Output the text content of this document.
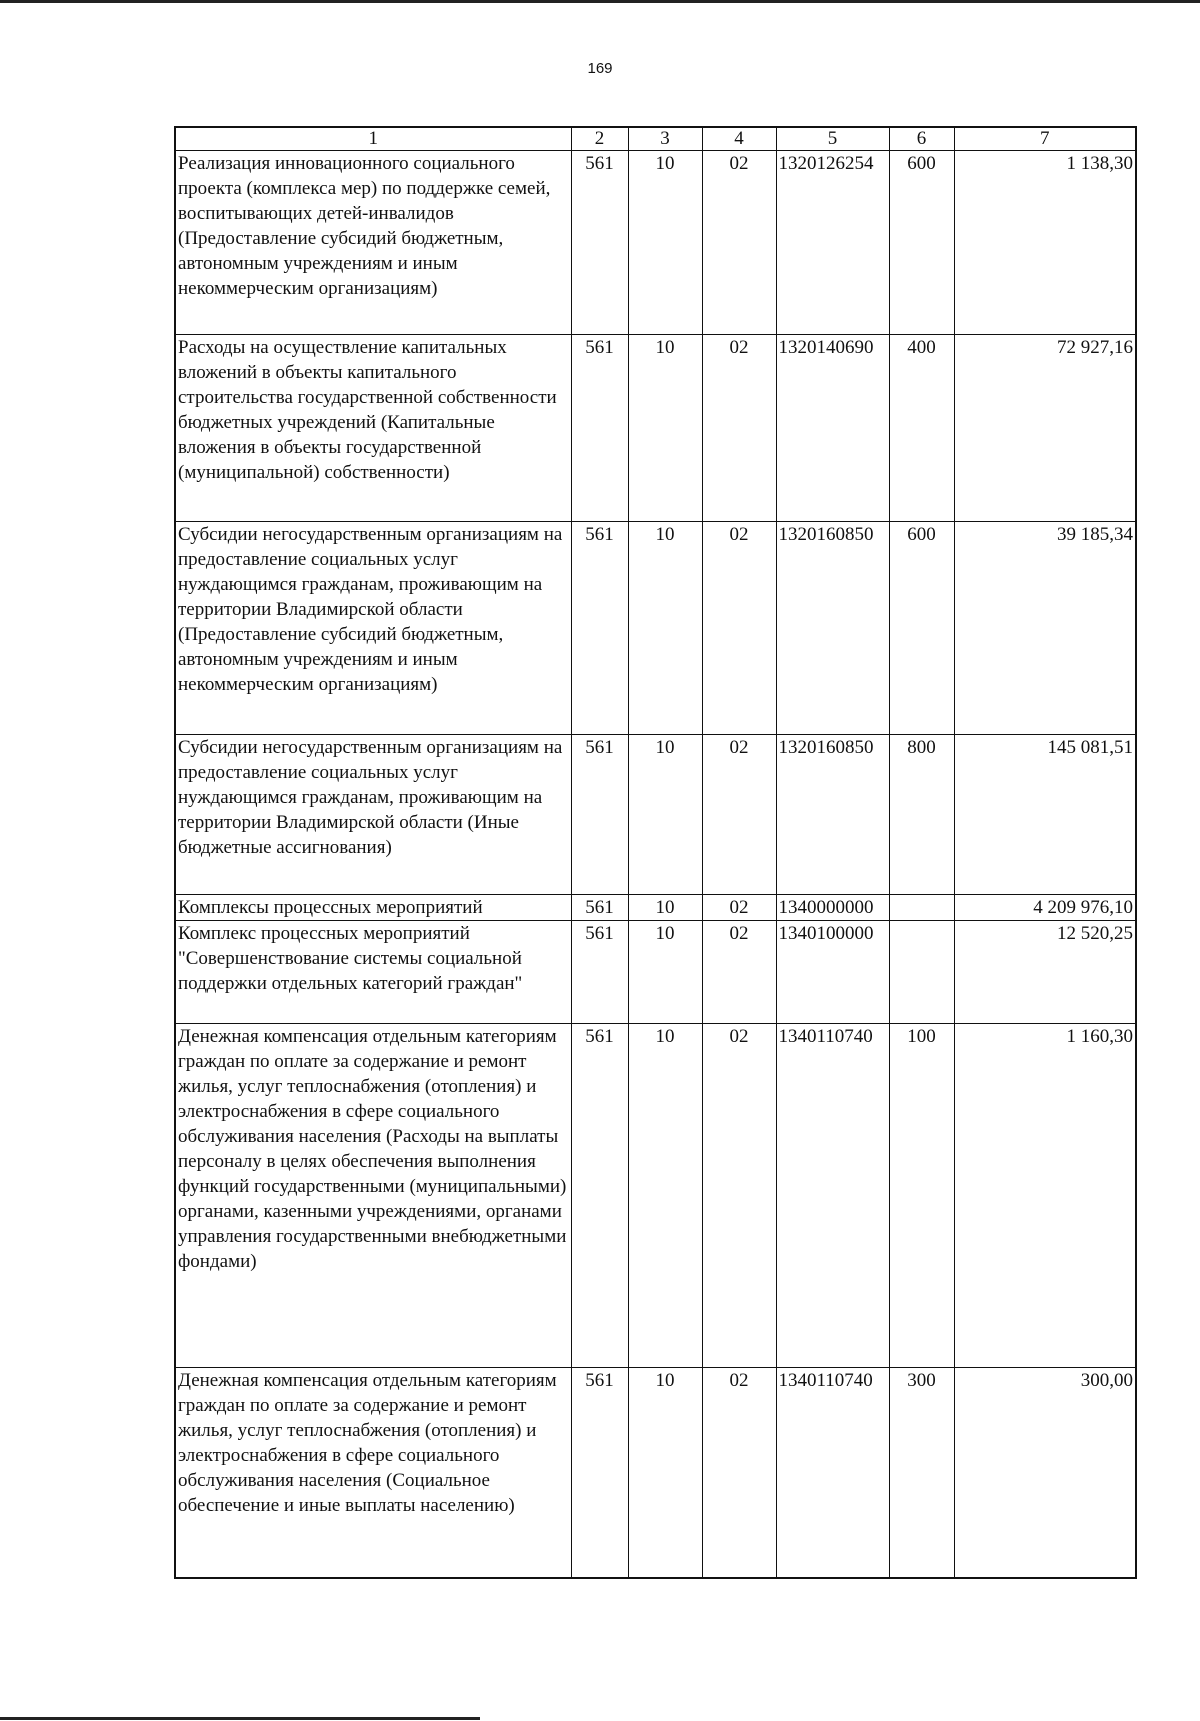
169
1	2	3	4	5	6	7
Реализация инновационного социального проекта (комплекса мер) по поддержке семей, воспитывающих детей-инвалидов (Предоставление субсидий бюджетным, автономным учреждениям и иным некоммерческим организациям)	561	10	02	1320126254	600	1 138,30
Расходы на осуществление капитальных вложений в объекты капитального строительства государственной собственности бюджетных учреждений (Капитальные вложения в объекты государственной (муниципальной) собственности)	561	10	02	1320140690	400	72 927,16
Субсидии негосударственным организациям на предоставление социальных услуг нуждающимся гражданам, проживающим на территории Владимирской области (Предоставление субсидий бюджетным, автономным учреждениям и иным некоммерческим организациям)	561	10	02	1320160850	600	39 185,34
Субсидии негосударственным организациям на предоставление социальных услуг нуждающимся гражданам, проживающим на территории Владимирской области (Иные бюджетные ассигнования)	561	10	02	1320160850	800	145 081,51
Комплексы процессных мероприятий	561	10	02	1340000000		4 209 976,10
Комплекс процессных мероприятий "Совершенствование системы социальной поддержки отдельных категорий граждан"	561	10	02	1340100000		12 520,25
Денежная компенсация отдельным категориям граждан по оплате за содержание и ремонт жилья, услуг теплоснабжения (отопления) и электроснабжения в сфере социального обслуживания населения (Расходы на выплаты персоналу в целях обеспечения выполнения функций государственными (муниципальными) органами, казенными учреждениями, органами управления государственными внебюджетными фондами)	561	10	02	1340110740	100	1 160,30
Денежная компенсация отдельным категориям граждан по оплате за содержание и ремонт жилья, услуг теплоснабжения (отопления) и электроснабжения в сфере социального обслуживания населения (Социальное обеспечение и иные выплаты населению)	561	10	02	1340110740	300	300,00
